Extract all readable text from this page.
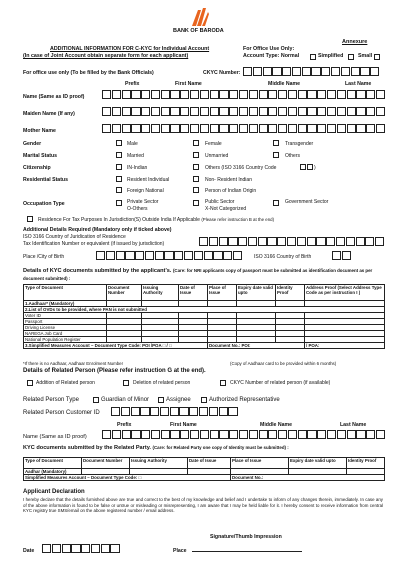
BANK OF BARODA
Annexure
ADDITIONAL INFORMATION FOR C-KYC for Individual Account
(In case of Joint Account obtain separate form for each applicant)
For Office Use Only:
Account Type: Normal	Simplified	Small
For office use only (To be filled by the Bank Officials)	CKYC Number:
Prefix	First Name	Middle Name	Last Name
Name (Same as ID proof)
Maiden Name (If any)
Mother Name
Gender	Male	Female	Transgender
Marital Status	Married	Unmarried	Others
Citizenship	IN-Indian	Others (ISO 3166 Country Code	)
Residential Status	Resident Individual	Non- Resident Indian
Foreign National	Person of Indian Origin
Occupation Type	Private Sector
O-Others
Public Sector
X-Not Categorized
Government Sector
Residence For Tax Purposes In Jurisdiction(S) Outside India If Applicable (Please refer instruction B at the end)
Additional Details Required (Mandatory only if ticked above)
ISO 3166 Country of Juridication of Residence
Tax Identification Number or equivalent (if issued by jurisdiction)
Place /City of Birth	ISO 3166 Country of Birth
Details of KYC documents submitted by the applicant’s. (Care: for NRI applicants copy of passport must be submitted as identification document as per document submitted) :
Type of Document	Document Number	Issuing Authority	Date of Issue	Place of Issue	Expiry date valid upto	Identity Proof	Address Proof (Select Address Type Code as per instruction I )
1.Aadhaar* (Mandatory)							
2.List of OVDs to be provided, where PAN is not submitted							
Voter ID							
Passport							
Driving License							
NAREGA Job Card							
National Population Register							
3.Simplified Measures Account – Document Type Code: POI /POA □ / □				Document No.: POI:			/ POA:
*If there is no Aadhaar, Aadhaar Enrolment Number	(Copy of Aadhaar card to be provided within 6 months)
Details of Related Person (Please refer instruction G at the end).
Addition of Related person	Deletion of related person	CKYC Number of related person (if available)
Related Person Type	Guardian of Minor	Assignee	Authorized Representative
Related Person Customer ID
Prefix	First Name	Middle Name	Last Name
Name (Same as ID proof)
KYC documents submitted by the Related Party. (Care: for Related Party one copy of Identity must be submitted) :
Type of Document	Document Number	Issuing Authority	Date of Issue	Place of Issue	Expiry date valid upto	Identity Proof
Aadhar (Mandatory)						
Simplified Measures Account – Document Type Code: □				Document No.:		
Applicant Declaration
I hereby declare that the details furnished above are true and correct to the best of my knowledge and belief and I undertake to inform of any changes therein, immediately. In case any of the above information is found to be false or untrue or misleading or misrepresenting, I am aware that I may be held liable for it. I hereby consent to receive information from central KYC registry true SMS/email on the above registered number / email address.
Signature/Thumb Impression
Date	Place
